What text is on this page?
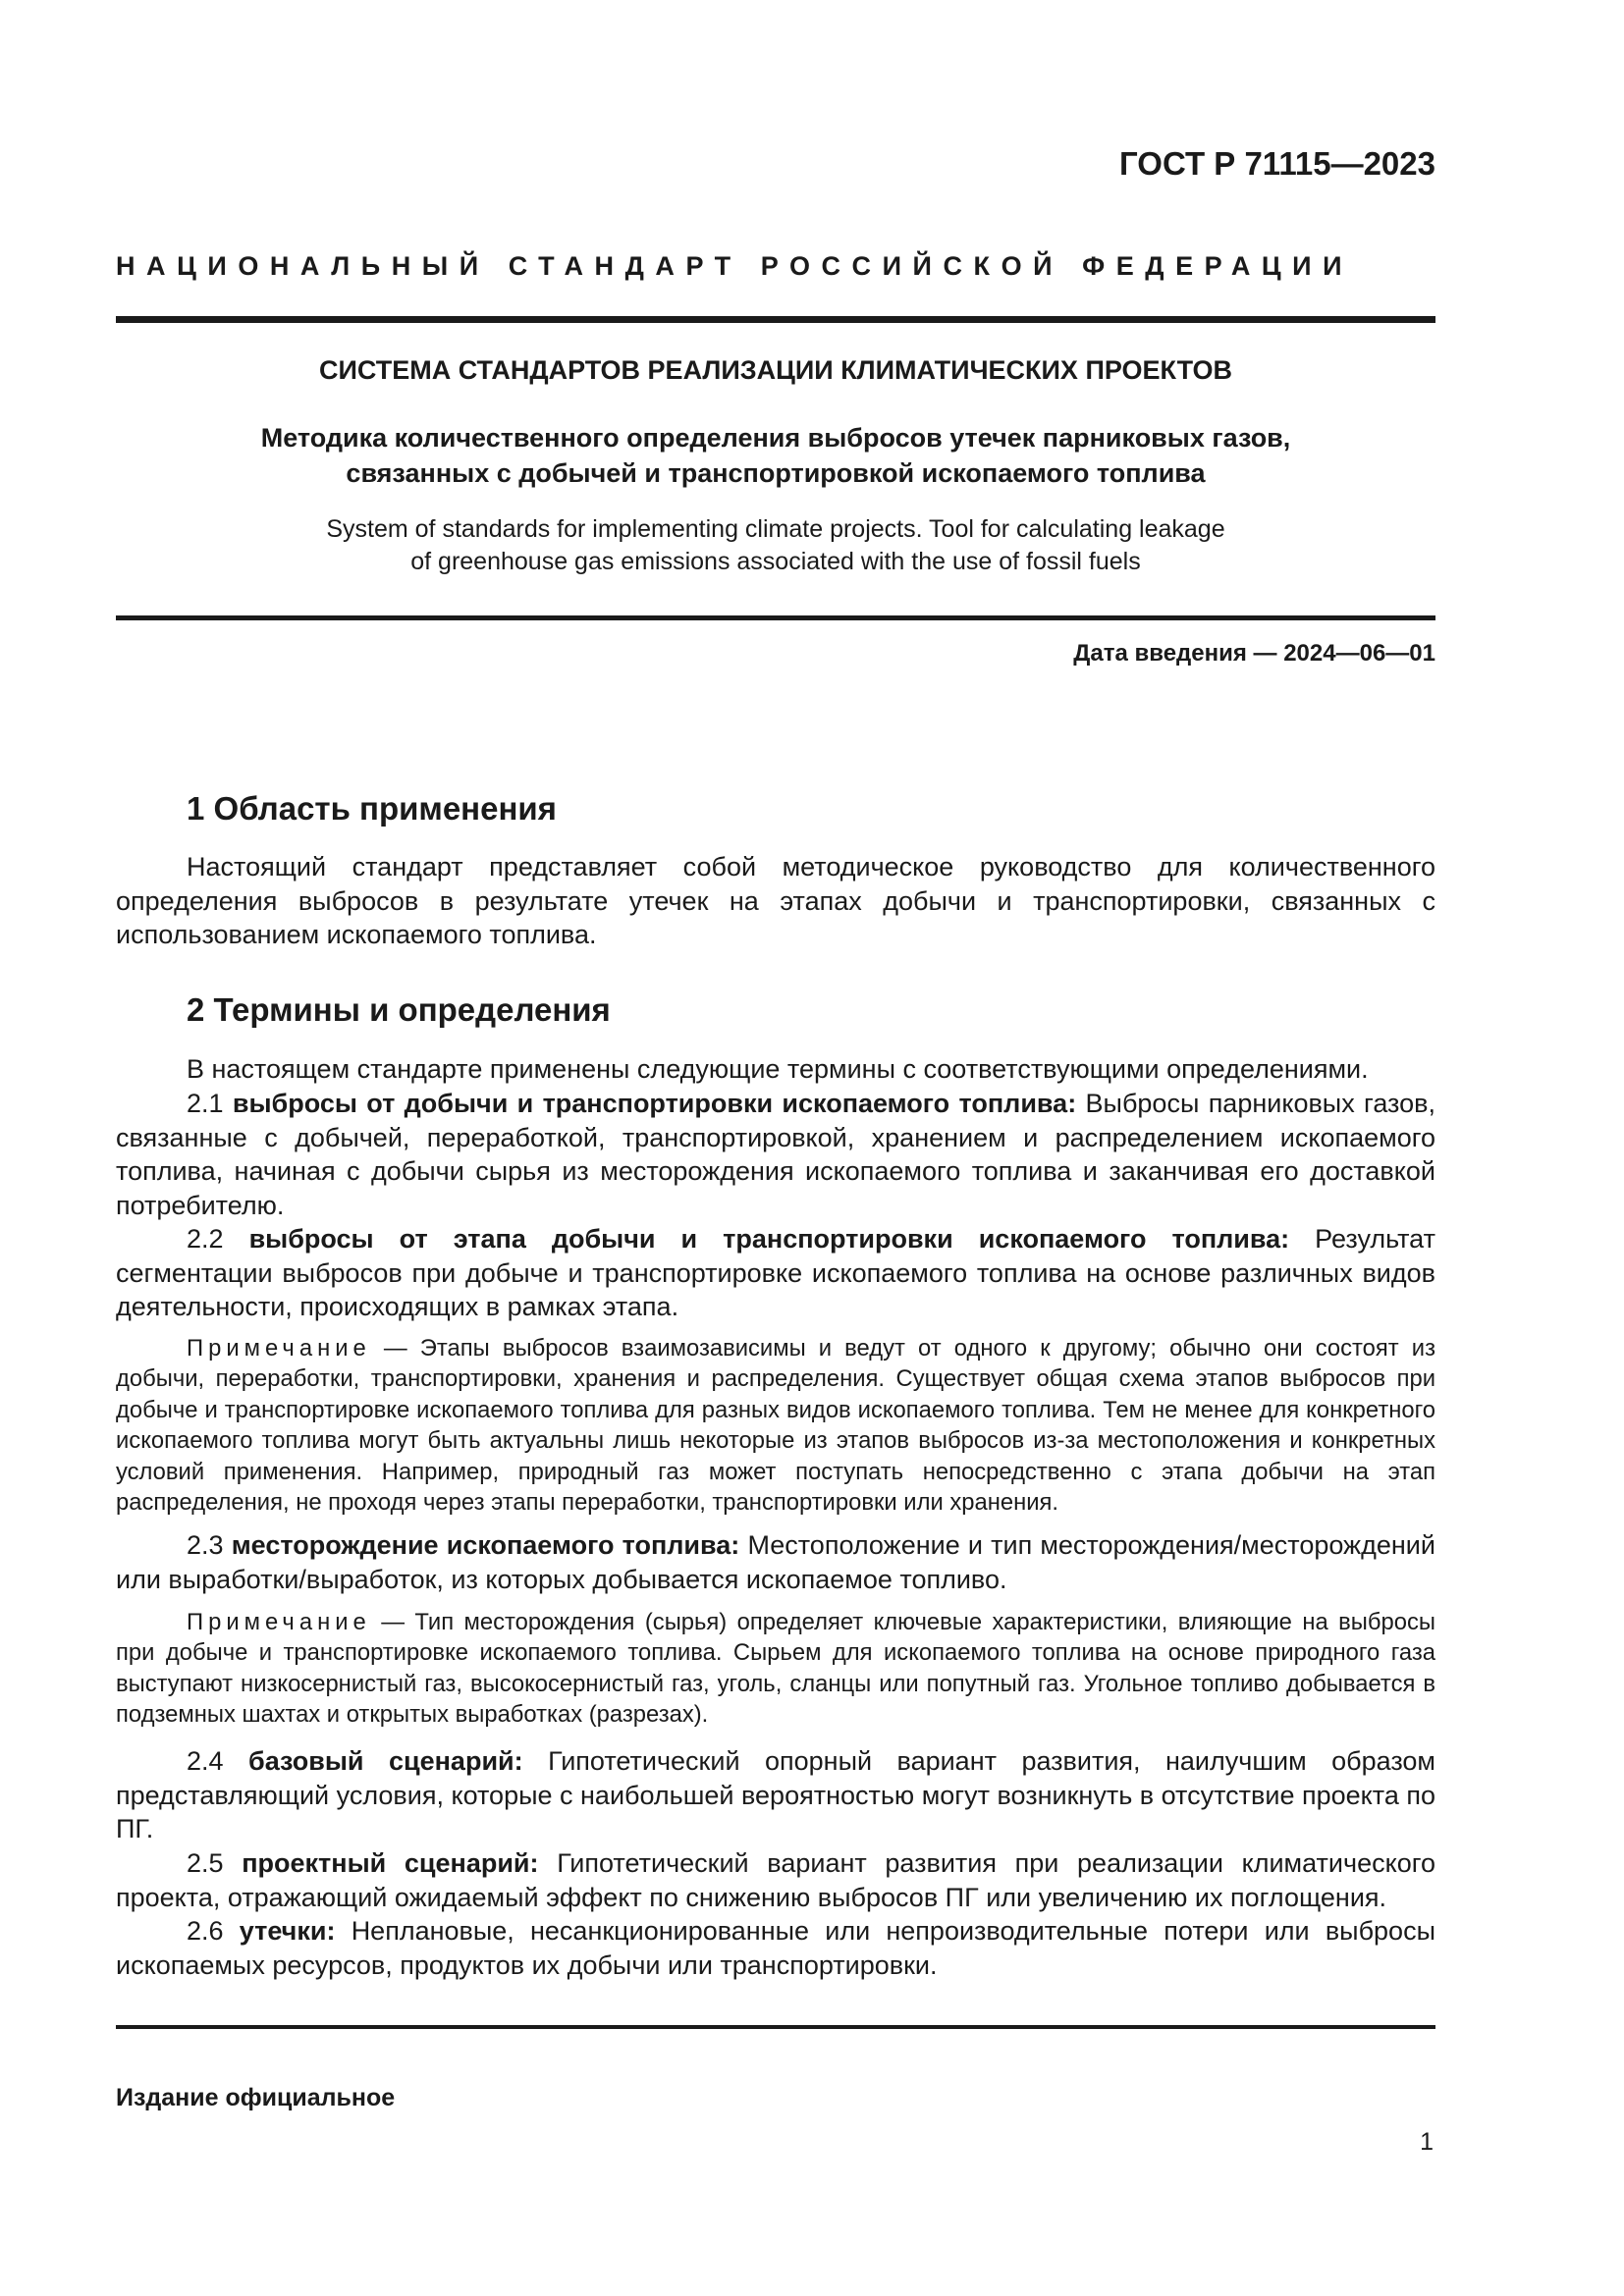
ГОСТ Р 71115—2023
НАЦИОНАЛЬНЫЙ СТАНДАРТ РОССИЙСКОЙ ФЕДЕРАЦИИ
СИСТЕМА СТАНДАРТОВ РЕАЛИЗАЦИИ КЛИМАТИЧЕСКИХ ПРОЕКТОВ
Методика количественного определения выбросов утечек парниковых газов,
связанных с добычей и транспортировкой ископаемого топлива
System of standards for implementing climate projects. Tool for calculating leakage
of greenhouse gas emissions associated with the use of fossil fuels
Дата введения — 2024—06—01
1 Область применения

Настоящий стандарт представляет собой методическое руководство для количественного определения выбросов в результате утечек на этапах добычи и транспортировки, связанных с использованием ископаемого топлива.

2 Термины и определения

В настоящем стандарте применены следующие термины с соответствующими определениями.

2.1 выбросы от добычи и транспортировки ископаемого топлива: Выбросы парниковых газов, связанные с добычей, переработкой, транспортировкой, хранением и распределением ископаемого топлива, начиная с добычи сырья из месторождения ископаемого топлива и заканчивая его доставкой потребителю.

2.2 выбросы от этапа добычи и транспортировки ископаемого топлива: Результат сегментации выбросов при добыче и транспортировке ископаемого топлива на основе различных видов деятельности, происходящих в рамках этапа.

Примечание — Этапы выбросов взаимозависимы и ведут от одного к другому; обычно они состоят из добычи, переработки, транспортировки, хранения и распределения. Существует общая схема этапов выбросов при добыче и транспортировке ископаемого топлива для разных видов ископаемого топлива. Тем не менее для конкретного ископаемого топлива могут быть актуальны лишь некоторые из этапов выбросов из-за местоположения и конкретных условий применения. Например, природный газ может поступать непосредственно с этапа добычи на этап распределения, не проходя через этапы переработки, транспортировки или хранения.

2.3 месторождение ископаемого топлива: Местоположение и тип месторождения/месторождений или выработки/выработок, из которых добывается ископаемое топливо.

Примечание — Тип месторождения (сырья) определяет ключевые характеристики, влияющие на выбросы при добыче и транспортировке ископаемого топлива. Сырьем для ископаемого топлива на основе природного газа выступают низкосернистый газ, высокосернистый газ, уголь, сланцы или попутный газ. Угольное топливо добывается в подземных шахтах и открытых выработках (разрезах).

2.4 базовый сценарий: Гипотетический опорный вариант развития, наилучшим образом представляющий условия, которые с наибольшей вероятностью могут возникнуть в отсутствие проекта по ПГ.

2.5 проектный сценарий: Гипотетический вариант развития при реализации климатического проекта, отражающий ожидаемый эффект по снижению выбросов ПГ или увеличению их поглощения.

2.6 утечки: Неплановые, несанкционированные или непроизводительные потери или выбросы ископаемых ресурсов, продуктов их добычи или транспортировки.

Издание официальное
1
